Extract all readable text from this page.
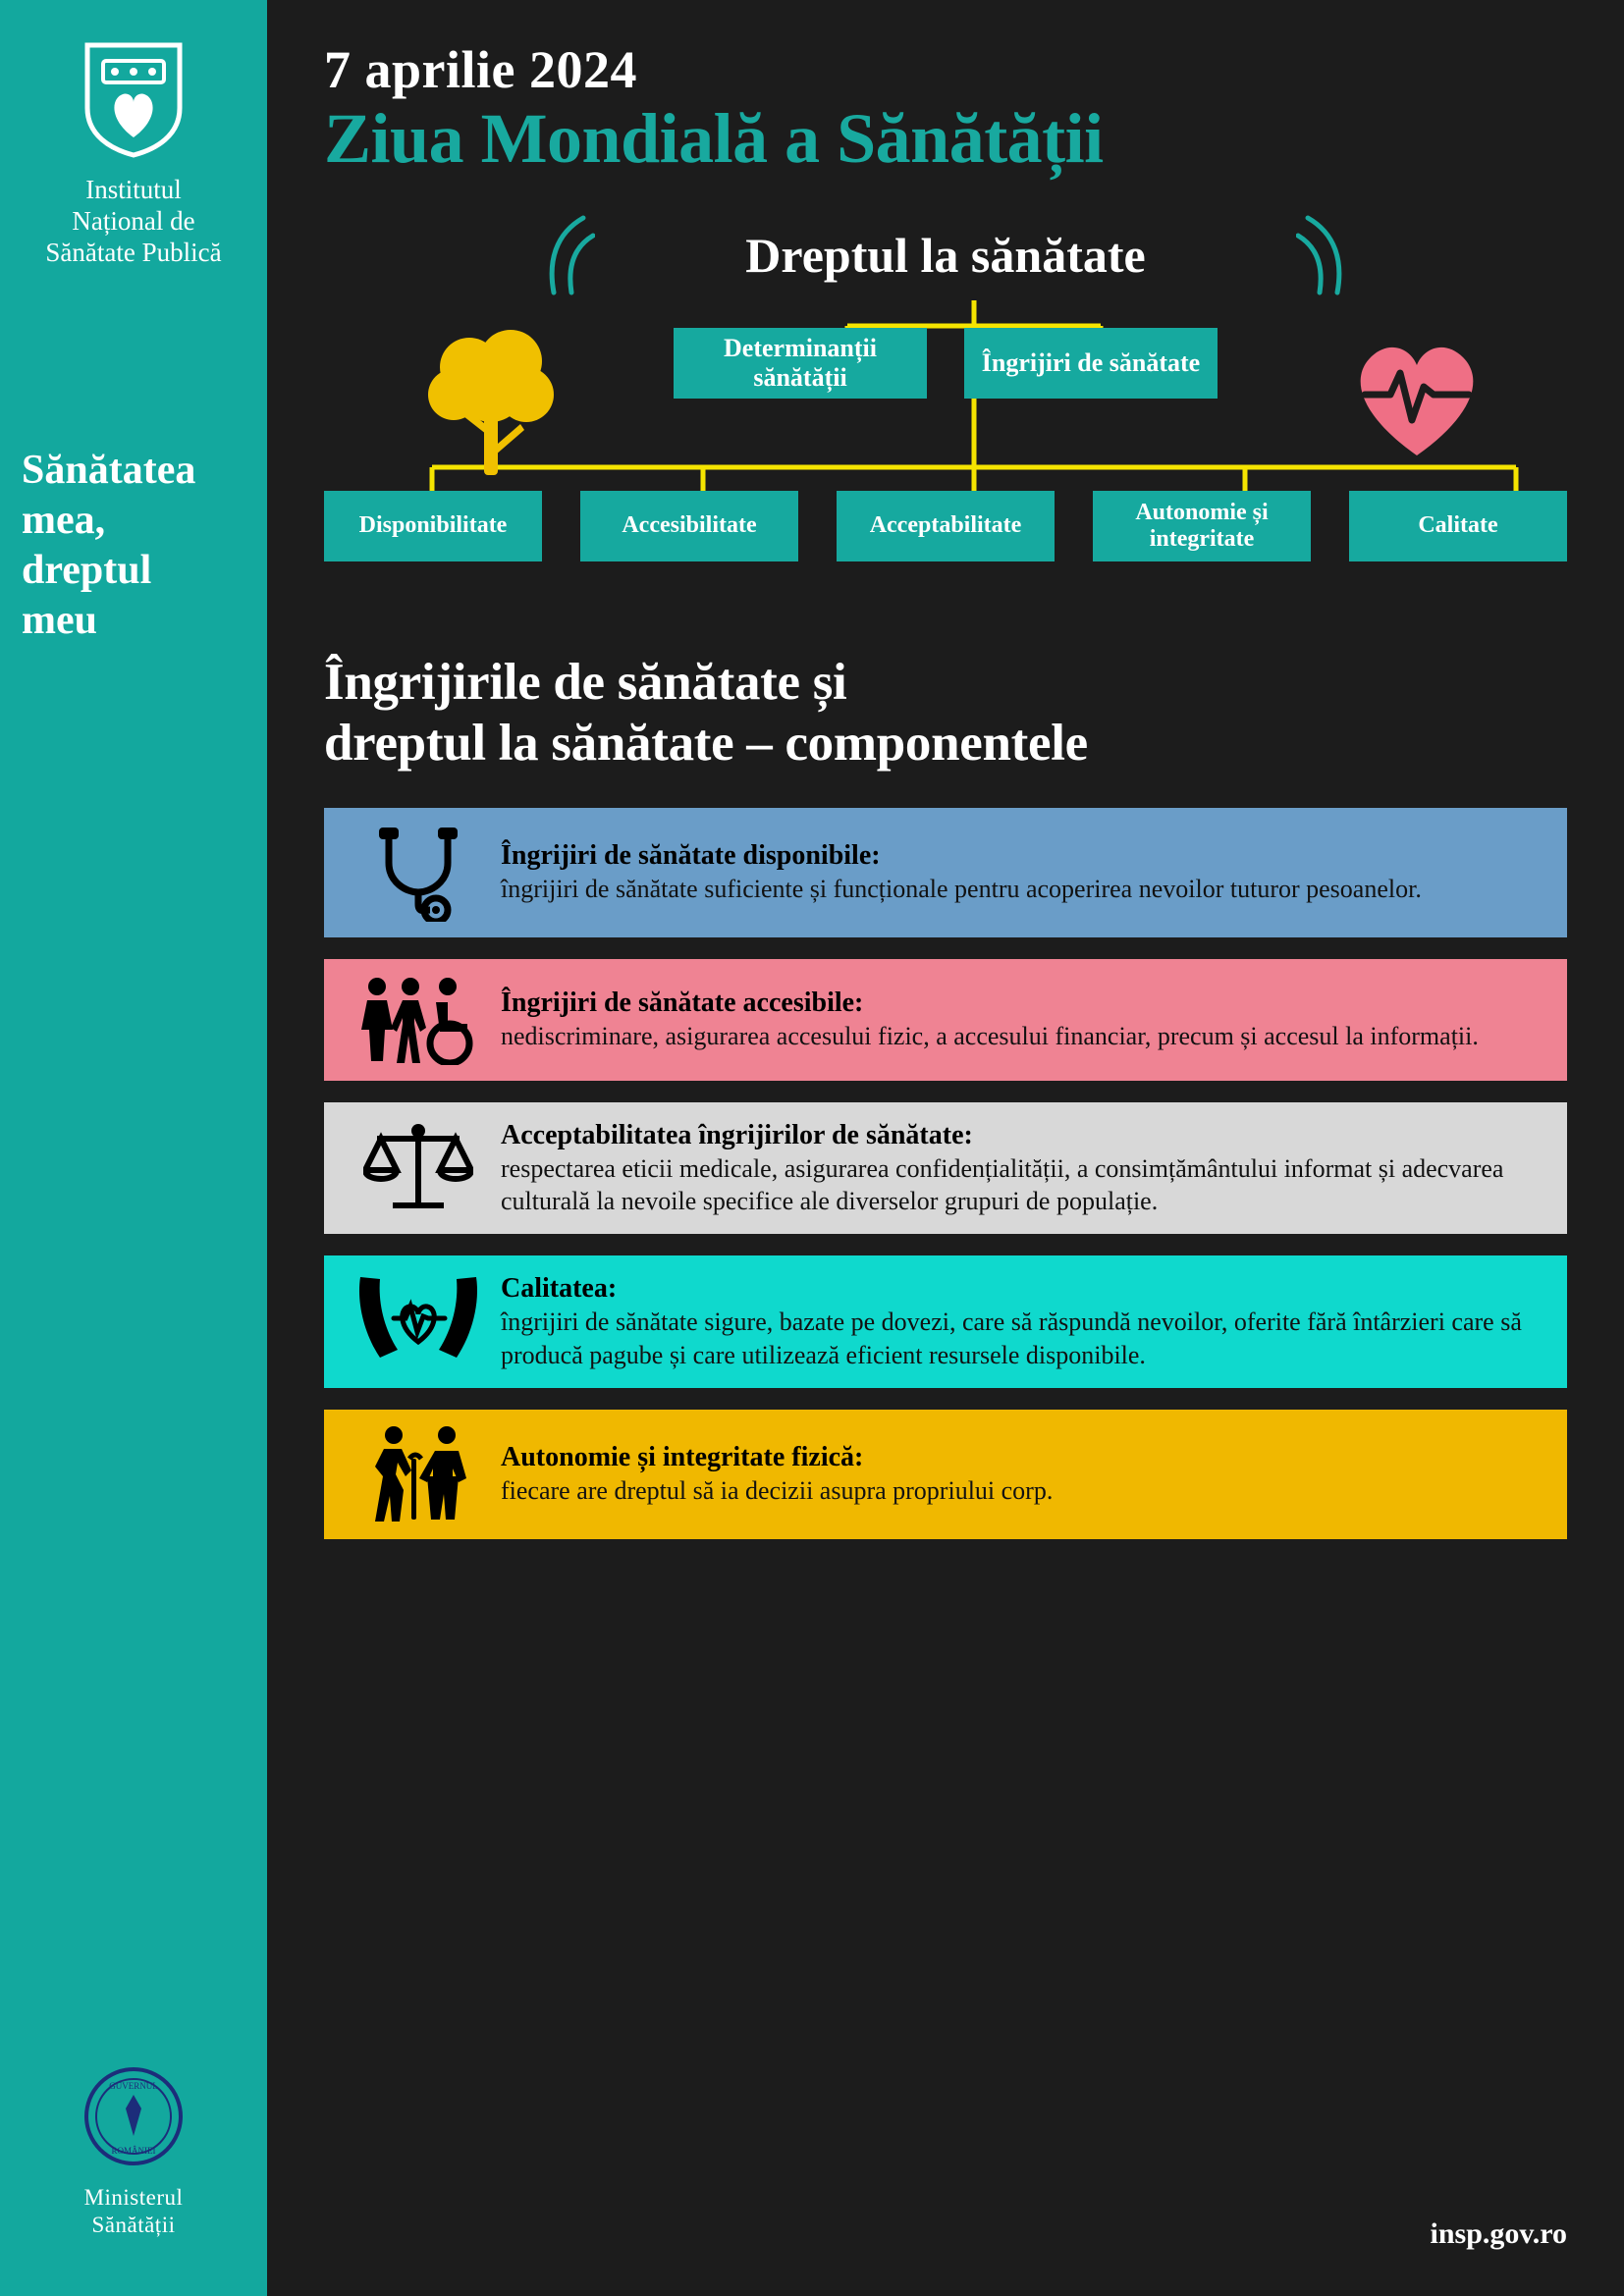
Institutul
Național de
Sănătate Publică
Sănătatea
mea,
dreptul
meu
GUVERNUL
ROMÂNIEI
Ministerul
Sănătății
7 aprilie 2024
Ziua Mondială a Sănătății
Dreptul la sănătate
Determinanții sănătății
Îngrijiri de sănătate
Disponibilitate	Accesibilitate	Acceptabilitate
Autonomie și integritate
Calitate
Îngrijirile de sănătate și
dreptul la sănătate – componentele
Îngrijiri de sănătate disponibile:
îngrijiri de sănătate suficiente și funcționale pentru acoperirea nevoilor tuturor pesoanelor.
Îngrijiri de sănătate accesibile:
nediscriminare, asigurarea accesului fizic, a accesului financiar, precum și accesul la informații.
Acceptabilitatea îngrijirilor de sănătate:
respectarea eticii medicale, asigurarea confidențialității, a consimțământului informat și adecvarea culturală la nevoile specifice ale diverselor grupuri de populație.
Calitatea:
îngrijiri de sănătate sigure, bazate pe dovezi, care să răspundă nevoilor, oferite fără întârzieri care să producă pagube și care utilizează eficient resursele disponibile.
Autonomie și integritate fizică:
fiecare are dreptul să ia decizii asupra propriului corp.
insp.gov.ro
